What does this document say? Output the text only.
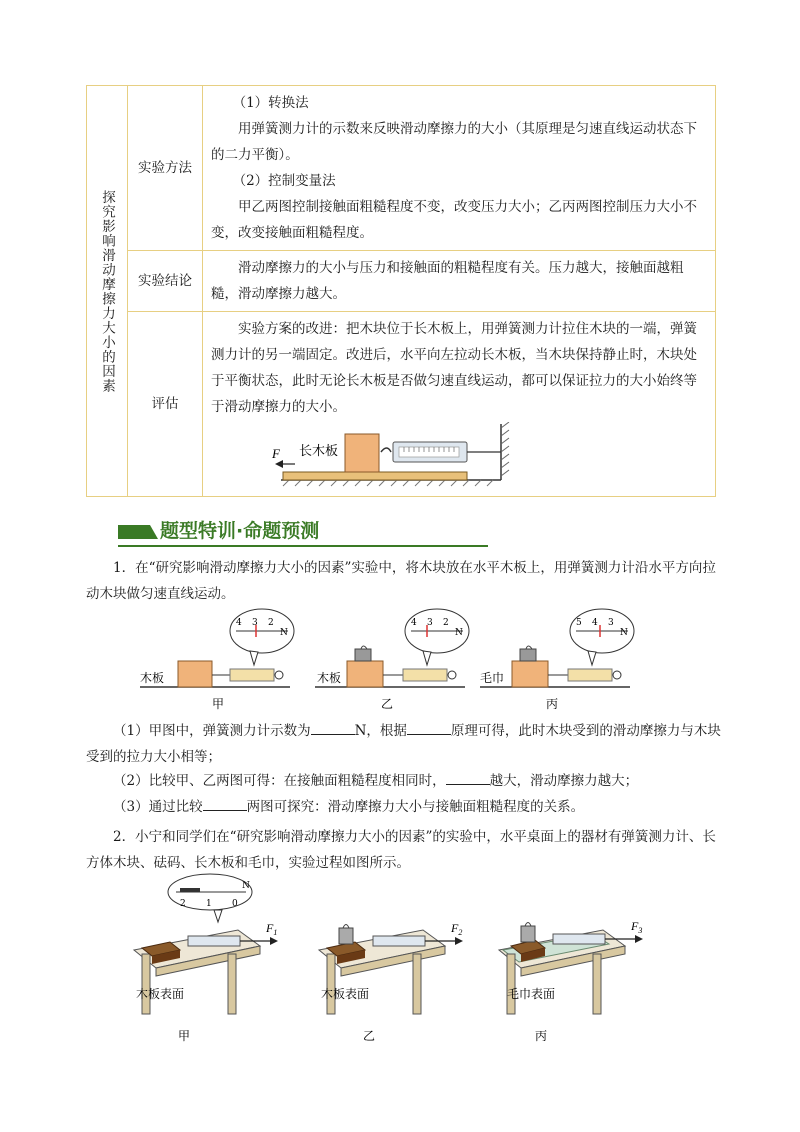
探究影响滑动摩擦力大小的因素	实验方法	（1）转换法

用弹簧测力计的示数来反映滑动摩擦力的大小（其原理是匀速直线运动状态下的二力平衡）。

（2）控制变量法

甲乙两图控制接触面粗糙程度不变，改变压力大小；乙丙两图控制压力大小不变，改变接触面粗糙程度。

	实验结论	滑动摩擦力的大小与压力和接触面的粗糙程度有关。压力越大，接触面越粗糙，滑动摩擦力越大。

	评估	实验方案的改进：把木块位于长木板上，用弹簧测力计拉住木块的一端，弹簧测力计的另一端固定。改进后，水平向左拉动长木板，当木块保持静止时，木块处于平衡状态，此时无论长木板是否做匀速直线运动，都可以保证拉力的大小始终等于滑动摩擦力的大小。

F 长木板
题型特训·命题预测

1．在“研究影响滑动摩擦力大小的因素”实验中，将木块放在水平木板上，用弹簧测力计沿水平方向拉动木块做匀速直线运动。

4 3 2
N
木板
甲
4 3 2
N
木板
乙
5 4 3
N
毛巾
丙

（1）甲图中，弹簧测力计示数为	N，根据	原理可得，此时木块受到的滑动摩擦力与木块受到的拉力大小相等；

（2）比较甲、乙两图可得：在接触面粗糙程度相同时，	越大，滑动摩擦力越大；

（3）通过比较	两图可探究：滑动摩擦力大小与接触面粗糙程度的关系。

2．小宁和同学们在“研究影响滑动摩擦力大小的因素”的实验中，水平桌面上的器材有弹簧测力计、长方体木块、砝码、长木板和毛巾，实验过程如图所示。

2 1 0
N
$F_1$
木板表面
甲
$F_2$
木板表面
乙
$F_3$
毛巾表面
丙
